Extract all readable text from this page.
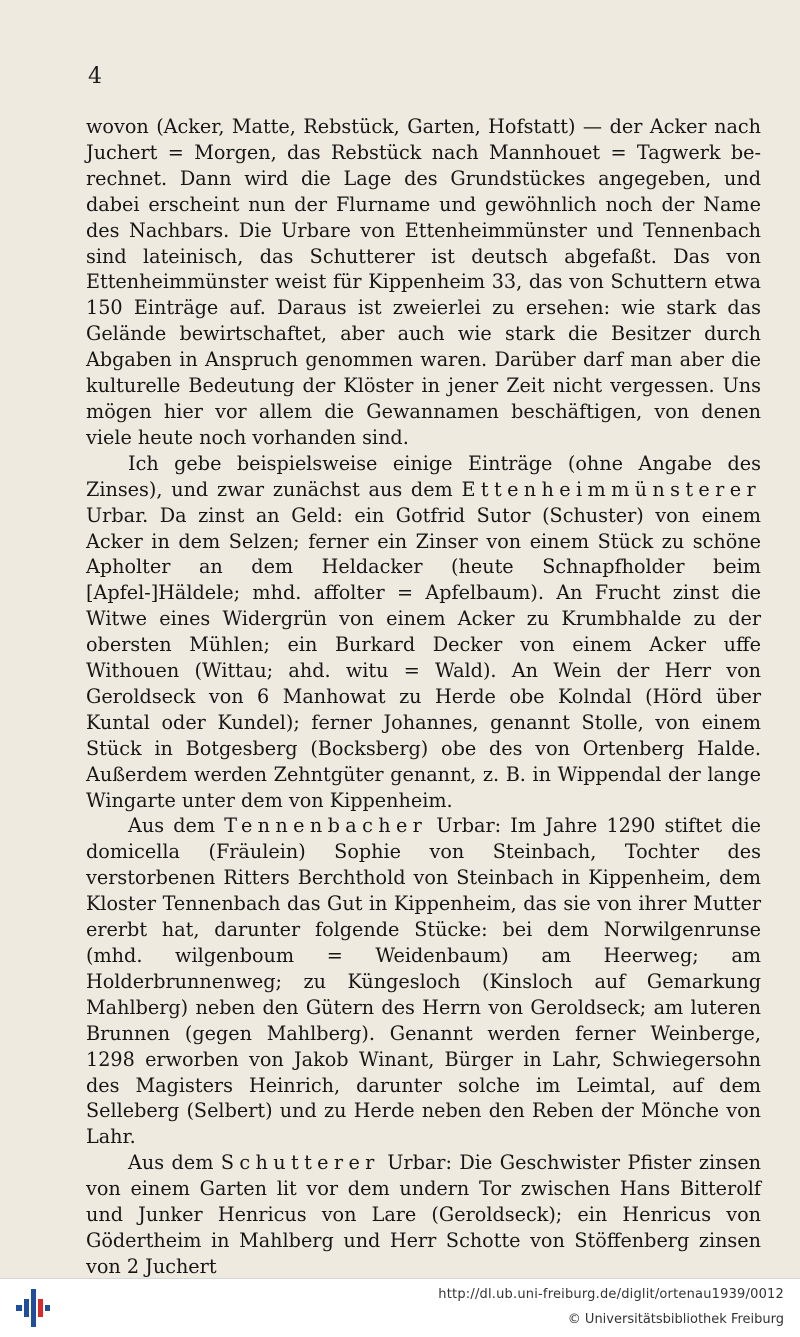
4

wovon (Acker, Matte, Rebstück, Garten, Hofstatt) — der Acker nach Juchert = Morgen, das Rebstück nach Mannhouet = Tagwerk berechnet. Dann wird die Lage des Grundstückes angegeben, und dabei erscheint nun der Flurname und gewöhnlich noch der Name des Nachbars. Die Urbare von Ettenheimmünster und Tennenbach sind lateinisch, das Schutterer ist deutsch abgefaßt. Das von Ettenheimmünster weist für Kippenheim 33, das von Schuttern etwa 150 Einträge auf. Daraus ist zweierlei zu ersehen: wie stark das Gelände bewirtschaftet, aber auch wie stark die Besitzer durch Abgaben in Anspruch genommen waren. Darüber darf man aber die kulturelle Bedeutung der Klöster in jener Zeit nicht vergessen. Uns mögen hier vor allem die Gewannamen beschäftigen, von denen viele heute noch vorhanden sind.

Ich gebe beispielsweise einige Einträge (ohne Angabe des Zinses), und zwar zunächst aus dem Ettenheimmünsterer Urbar. Da zinst an Geld: ein Gotfrid Sutor (Schuster) von einem Acker in dem Selzen; ferner ein Zinser von einem Stück zu schöne Apholter an dem Heldacker (heute Schnapfholder beim [Apfel-]Häldele; mhd. affolter = Apfelbaum). An Frucht zinst die Witwe eines Widergrün von einem Acker zu Krumbhalde zu der obersten Mühlen; ein Burkard Decker von einem Acker uffe Withouen (Wittau; ahd. witu = Wald). An Wein der Herr von Geroldseck von 6 Manhowat zu Herde obe Kolndal (Hörd über Kuntal oder Kundel); ferner Johannes, genannt Stolle, von einem Stück in Botgesberg (Bocksberg) obe des von Ortenberg Halde. Außerdem werden Zehntgüter genannt, z. B. in Wippendal der lange Wingarte unter dem von Kippenheim.

Aus dem Tennenbacher Urbar: Im Jahre 1290 stiftet die domicella (Fräulein) Sophie von Steinbach, Tochter des verstorbenen Ritters Berchthold von Steinbach in Kippenheim, dem Kloster Tennenbach das Gut in Kippenheim, das sie von ihrer Mutter ererbt hat, darunter folgende Stücke: bei dem Norwilgenrunse (mhd. wilgenboum = Weidenbaum) am Heerweg; am Holderbrunnenweg; zu Küngesloch (Kinsloch auf Gemarkung Mahlberg) neben den Gütern des Herrn von Geroldseck; am luteren Brunnen (gegen Mahlberg). Genannt werden ferner Weinberge, 1298 erworben von Jakob Winant, Bürger in Lahr, Schwiegersohn des Magisters Heinrich, darunter solche im Leimtal, auf dem Selleberg (Selbert) und zu Herde neben den Reben der Mönche von Lahr.

Aus dem Schutterer Urbar: Die Geschwister Pfister zinsen von einem Garten lit vor dem undern Tor zwischen Hans Bitterolf und Junker Henricus von Lare (Geroldseck); ein Henricus von Gödertheim in Mahlberg und Herr Schotte von Stöffenberg zinsen von 2 Juchert

http://dl.ub.uni-freiburg.de/diglit/ortenau1939/0012
© Universitätsbibliothek Freiburg
